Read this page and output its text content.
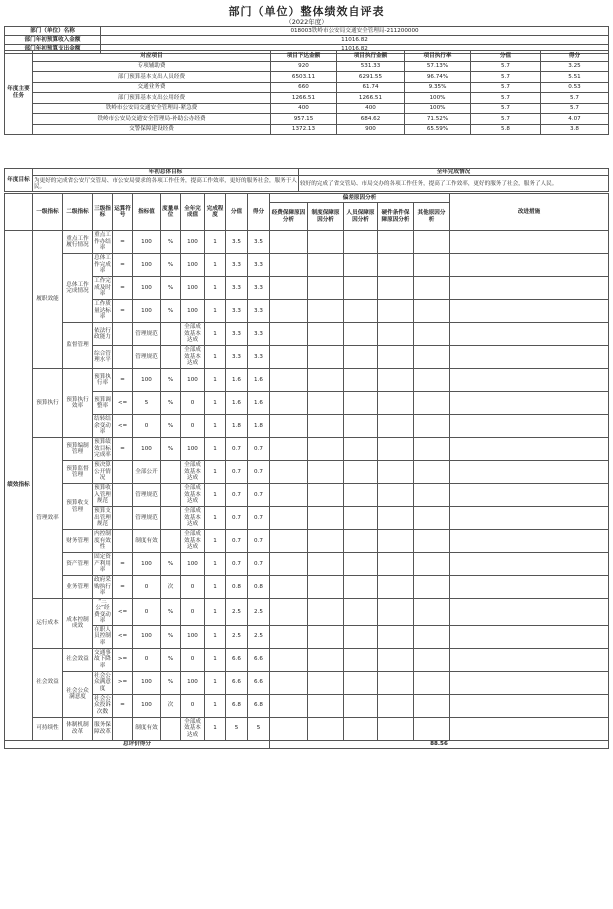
部门（单位）整体绩效自评表
（2022年度）
部门（单位）名称	018003铁岭市公安局交通安全管理局-211200000
部门年初预算收入金额	11016.82
部门年初预算支出金额	11016.82
年度主要任务	对应项目	项目下达金额	项目执行金额	项目执行率	分值	得分
	专项辅助费	920	531.33	57.13%	5.7	3.25
	部门预算基本支出人员经费	6503.11	6291.55	96.74%	5.7	5.51
	交通业务费	660	61.74	9.35%	5.7	0.53
	部门预算基本支出公用经费	1266.51	1266.51	100%	5.7	5.7
	铁岭市公安局交通安全管理局-紧急费	400	400	100%	5.7	5.7
	铁岭市公安局交通安全管理局-补助公办经费	957.15	684.62	71.52%	5.7	4.07
	交警保障建设经费	1372.13	900	65.59%	5.8	3.8
年度目标	年初总体目标	全年完成情况
	为更好的完成省公安厅交管局、市公安局要求的各项工作任务，提高工作效率，更好的服务社会，服务于人民。	较好的完成了省交管局、市局交办的各项工作任务，提高了工作效率，更好的服务了社会，服务了人民。
	一级指标	二级指标	三级指标	运算符号	指标值	度量单位	全年完成值	完成程度	分值	得分	偏差原因分析					改进措施
											经费保障原因分析	制度保障原因分析	人员保障原因分析	硬件条件保障原因分析	其他原因分析	
绩效指标	履职效能	重点工作履行情况	重点工作办结率	=	100	%	100	1	3.5	3.5						
		总体工作完成情况	总体工作完成率	=	100	%	100	1	3.3	3.3						
			工作完成及时率	=	100	%	100	1	3.3	3.3						
			工作质量达标率	=	100	%	100	1	3.3	3.3						
		监督管理	依法行政能力		管理规范		全部成效基本达成	1	3.3	3.3						
			综合管理水平		管理规范		全部成效基本达成	1	3.3	3.3						
	预算执行	预算执行效率	预算执行率	=	100	%	100	1	1.6	1.6						
			预算调整率	<=	5	%	0	1	1.6	1.6						
			结转结余变动率	<=	0	%	0	1	1.8	1.8						
	管理效率	预算编制管理	预算绩效目标完成率	=	100	%	100	1	0.7	0.7						
		预算监督管理	预决算公开情况		全部公开		全部成效基本达成	1	0.7	0.7						
		预算收支管理	预算收入管理规范		管理规范		全部成效基本达成	1	0.7	0.7						
			预算支出管理规范		管理规范		全部成效基本达成	1	0.7	0.7						
		财务管理	内控制度有效性		制度有效		全部成效基本达成	1	0.7	0.7						
		资产管理	固定资产利用率	=	100	%	100	1	0.7	0.7						
		业务管理	政府采购执行率	=	0	次	0	1	0.8	0.8						
	运行成本	成本控制成效	“三公”经费变动率	<=	0	%	0	1	2.5	2.5						
			在职人员控制率	<=	100	%	100	1	2.5	2.5						
	社会效益	社会效益	交通事故下降率	>=	0	%	0	1	6.6	6.6						
		社会公众满意度	社会公众满意度	>=	100	%	100	1	6.6	6.6						
			社会公众投诉次数	=	100	次	0	1	6.8	6.8						
	可持续性	体制机制改革	服务保障改革		制度有效		全部成效基本达成	1	5	5						
总评价得分											88.56					
